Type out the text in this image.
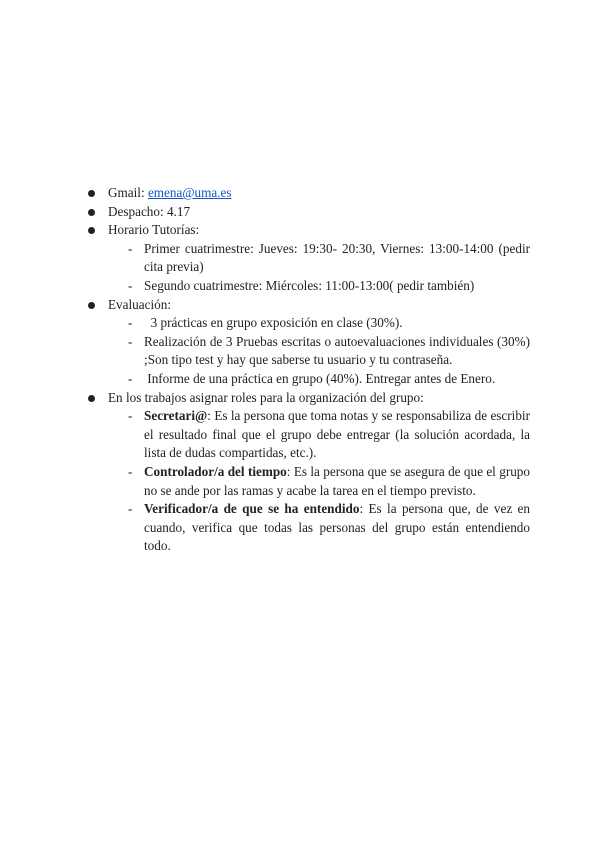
Gmail: emena@uma.es
Despacho: 4.17
Horario Tutorías:
- Primer cuatrimestre: Jueves: 19:30- 20:30, Viernes: 13:00-14:00 (pedir cita previa)
- Segundo cuatrimestre: Miércoles: 11:00-13:00( pedir también)
Evaluación:
- 3 prácticas en grupo exposición en clase (30%).
- Realización de 3 Pruebas escritas o autoevaluaciones individuales (30%) ;Son tipo test y hay que saberse tu usuario y tu contraseña.
- Informe de una práctica en grupo (40%). Entregar antes de Enero.
En los trabajos asignar roles para la organización del grupo:
- Secretari@: Es la persona que toma notas y se responsabiliza de escribir el resultado final que el grupo debe entregar (la solución acordada, la lista de dudas compartidas, etc.).
- Controlador/a del tiempo: Es la persona que se asegura de que el grupo no se ande por las ramas y acabe la tarea en el tiempo previsto.
- Verificador/a de que se ha entendido: Es la persona que, de vez en cuando, verifica que todas las personas del grupo están entendiendo todo.
